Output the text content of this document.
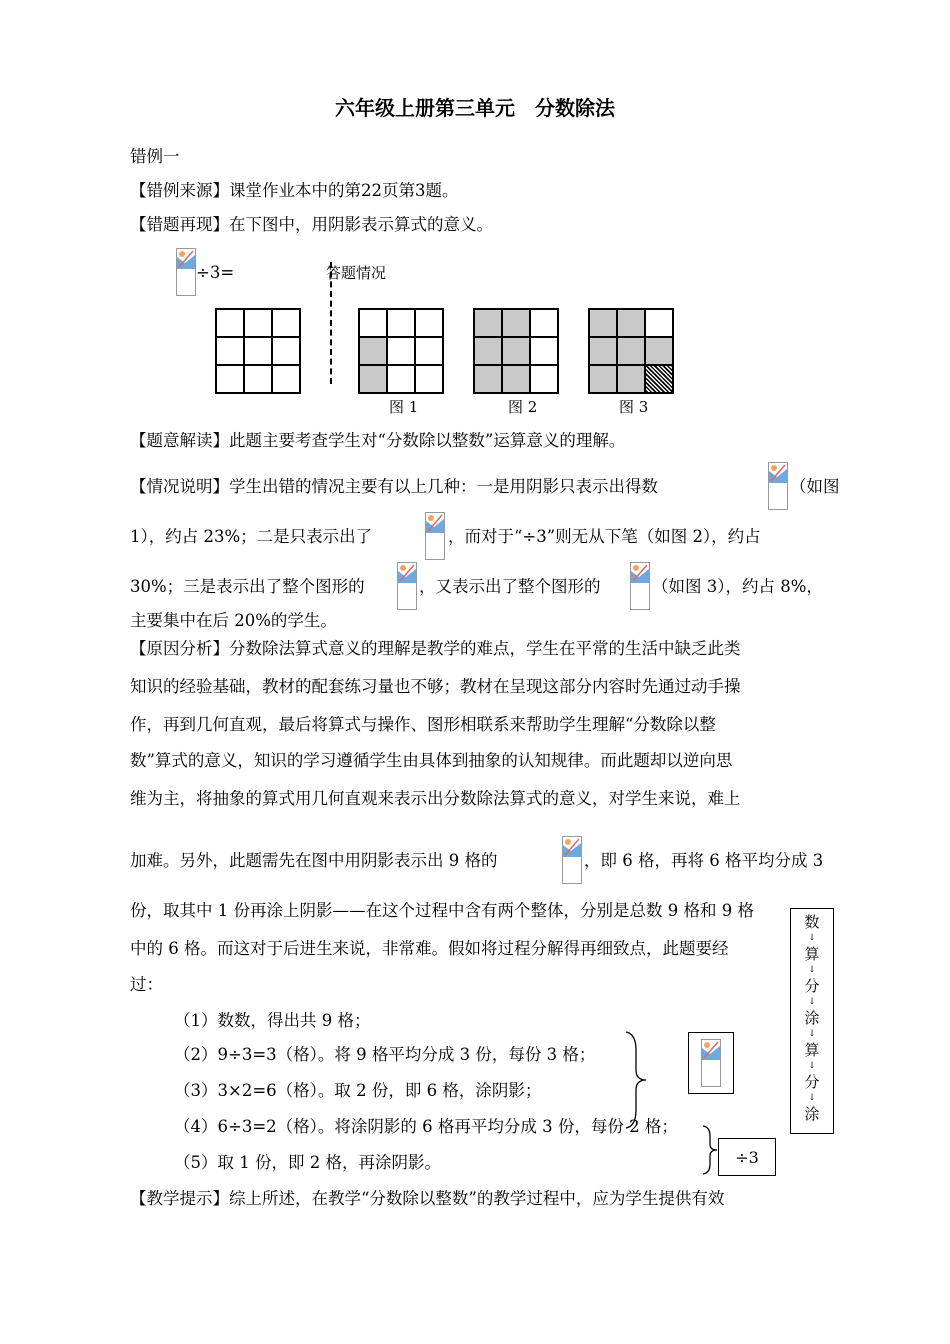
六年级上册第三单元　分数除法
错例一
【错例来源】课堂作业本中的第22页第3题。
【错题再现】在下图中，用阴影表示算式的意义。
÷3=	答题情况
图 1	图 2	图 3
【题意解读】此题主要考查学生对“分数除以整数”运算意义的理解。
【情况说明】学生出错的情况主要有以上几种：一是用阴影只表示出得数	（如图
1），约占 23%；二是只表示出了	，而对于“÷3”则无从下笔（如图 2），约占
30%；三是表示出了整个图形的	，又表示出了整个图形的	（如图 3），约占 8%，
主要集中在后 20%的学生。
【原因分析】分数除法算式意义的理解是教学的难点，学生在平常的生活中缺乏此类
知识的经验基础，教材的配套练习量也不够；教材在呈现这部分内容时先通过动手操
作，再到几何直观，最后将算式与操作、图形相联系来帮助学生理解“分数除以整
数”算式的意义，知识的学习遵循学生由具体到抽象的认知规律。而此题却以逆向思
维为主，将抽象的算式用几何直观来表示出分数除法算式的意义，对学生来说，难上
加难。另外，此题需先在图中用阴影表示出 9 格的	，即 6 格，再将 6 格平均分成 3
份，取其中 1 份再涂上阴影——在这个过程中含有两个整体，分别是总数 9 格和 9 格
中的 6 格。而这对于后进生来说，非常难。假如将过程分解得再细致点，此题要经
过：
（1）数数，得出共 9 格；
（2）9÷3=3（格）。将 9 格平均分成 3 份，每份 3 格；
（3）3×2=6（格）。取 2 份，即 6 格，涂阴影；
（4）6÷3=2（格）。将涂阴影的 6 格再平均分成 3 份，每份 2 格；
（5）取 1 份，即 2 格，再涂阴影。	÷3
数
↓
算
↓
分
↓
涂
↓
算
↓
分
↓
涂
【教学提示】综上所述，在教学“分数除以整数”的教学过程中，应为学生提供有效
